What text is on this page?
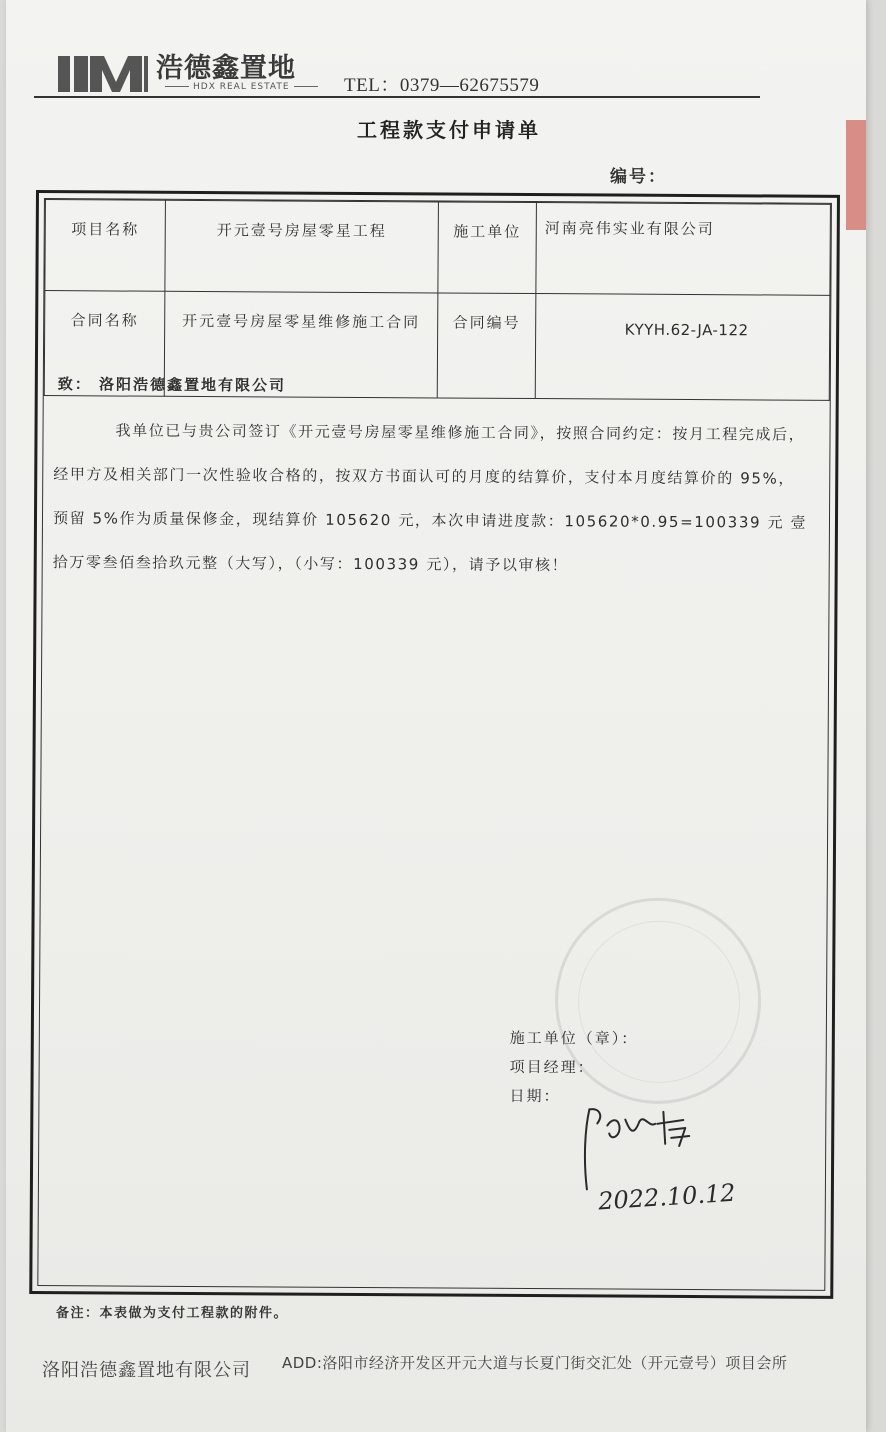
浩德鑫置地
HDX REAL ESTATE	TEL：0379—62675579
工程款支付申请单
编号：
项目名称	开元壹号房屋零星工程	施工单位	河南亮伟实业有限公司
合同名称	开元壹号房屋零星维修施工合同	合同编号	KYYH.62-JA-122
致： 洛阳浩德鑫置地有限公司
我单位已与贵公司签订《开元壹号房屋零星维修施工合同》，按照合同约定：按月工程完成后，经甲方及相关部门一次性验收合格的，按双方书面认可的月度的结算价，支付本月度结算价的 95%，预留 5%作为质量保修金，现结算价 105620 元，本次申请进度款：105620*0.95=100339 元 壹拾万零叁佰叁拾玖元整（大写），（小写：100339 元），请予以审核！
施工单位（章）：
项目经理：
日期：
2022.10.12
备注：本表做为支付工程款的附件。
洛阳浩德鑫置地有限公司 ADD:洛阳市经济开发区开元大道与长夏门街交汇处（开元壹号）项目会所
